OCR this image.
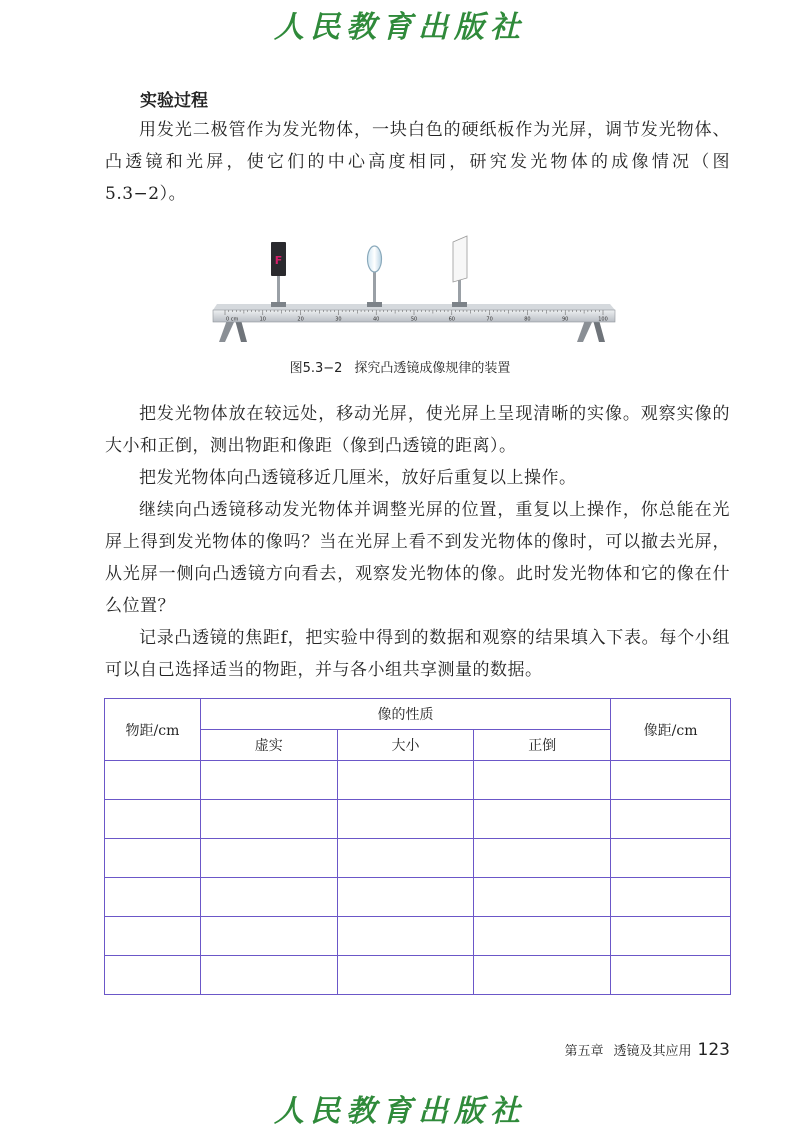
人民教育出版社
实验过程
用发光二极管作为发光物体，一块白色的硬纸板作为光屏，调节发光物体、凸透镜和光屏，使它们的中心高度相同，研究发光物体的成像情况（图 5.3−2）。
0 cm	10	20	30	40	50	60	70	80	90	100
F
图5.3−2 探究凸透镜成像规律的装置
把发光物体放在较远处，移动光屏，使光屏上呈现清晰的实像。观察实像的大小和正倒，测出物距和像距（像到凸透镜的距离）。
把发光物体向凸透镜移近几厘米，放好后重复以上操作。
继续向凸透镜移动发光物体并调整光屏的位置，重复以上操作，你总能在光屏上得到发光物体的像吗？当在光屏上看不到发光物体的像时，可以撤去光屏，从光屏一侧向凸透镜方向看去，观察发光物体的像。此时发光物体和它的像在什么位置？
记录凸透镜的焦距f，把实验中得到的数据和观察的结果填入下表。每个小组可以自己选择适当的物距，并与各小组共享测量的数据。
物距/cm	像的性质			像距/cm
	虚实	大小	正倒	

第五章 透镜及其应用 123
人民教育出版社
